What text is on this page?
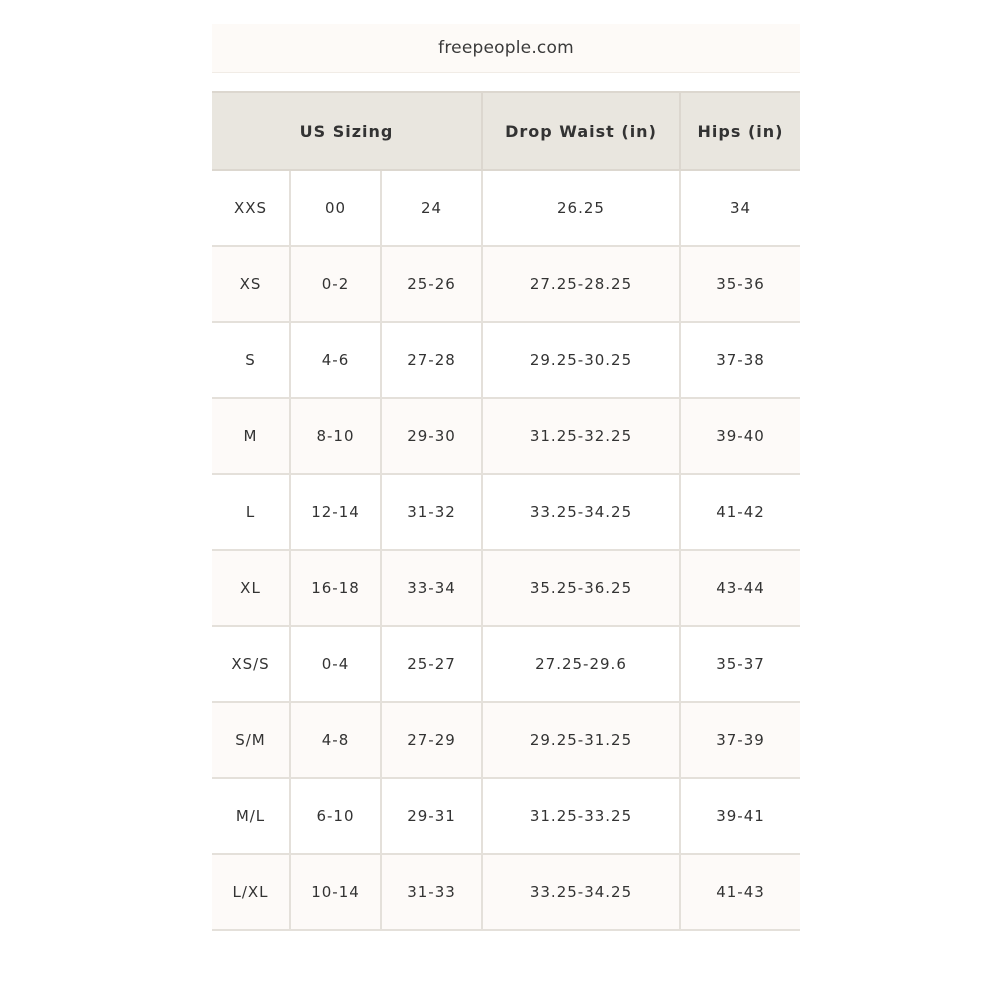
freepeople.com
US Sizing			Drop Waist (in)	Hips (in)
XXS	00	24	26.25	34
XS	0-2	25-26	27.25-28.25	35-36
S	4-6	27-28	29.25-30.25	37-38
M	8-10	29-30	31.25-32.25	39-40
L	12-14	31-32	33.25-34.25	41-42
XL	16-18	33-34	35.25-36.25	43-44
XS/S	0-4	25-27	27.25-29.6	35-37
S/M	4-8	27-29	29.25-31.25	37-39
M/L	6-10	29-31	31.25-33.25	39-41
L/XL	10-14	31-33	33.25-34.25	41-43
